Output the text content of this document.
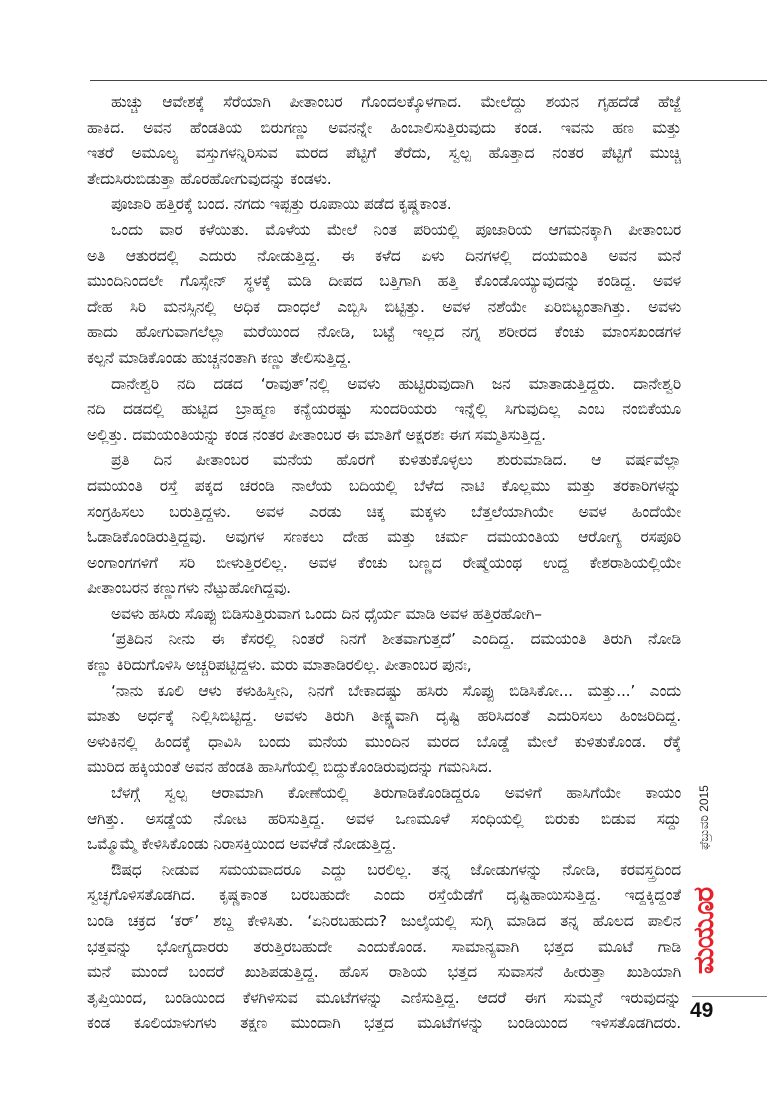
ಹುಚ್ಚು ಆವೇಶಕ್ಕೆ ಸೆರೆಯಾಗಿ ಪೀತಾಂಬರ ಗೊಂದಲಕ್ಕೊಳಗಾದ. ಮೇಲೆದ್ದು ಶಯನ ಗೃಹದೆಡೆ ಹೆಜ್ಜೆ
ಹಾಕಿದ. ಅವನ ಹೆಂಡತಿಯ ಬಿರುಗಣ್ಣು ಅವನನ್ನೇ ಹಿಂಬಾಲಿಸುತ್ತಿರುವುದು ಕಂಡ. ಇವನು ಹಣ ಮತ್ತು
ಇತರೆ ಅಮೂಲ್ಯ ವಸ್ತುಗಳನ್ನಿರಿಸುವ ಮರದ ಪೆಟ್ಟಿಗೆ ತೆರೆದು, ಸ್ವಲ್ಪ ಹೊತ್ತಾದ ನಂತರ ಪೆಟ್ಟಿಗೆ ಮುಚ್ಚಿ
ತೇದುಸಿರುಬಿಡುತ್ತಾ ಹೊರಹೋಗುವುದನ್ನು ಕಂಡಳು.
ಪೂಜಾರಿ ಹತ್ತಿರಕ್ಕೆ ಬಂದ. ನಗದು ಇಪ್ಪತ್ತು ರೂಪಾಯಿ ಪಡೆದ ಕೃಷ್ಣಕಾಂತ.
ಒಂದು ವಾರ ಕಳೆಯಿತು. ಮೊಳೆಯ ಮೇಲೆ ನಿಂತ ಪರಿಯಲ್ಲಿ ಪೂಜಾರಿಯ ಆಗಮನಕ್ಕಾಗಿ ಪೀತಾಂಬರ
ಅತಿ ಆತುರದಲ್ಲಿ ಎದುರು ನೋಡುತ್ತಿದ್ದ. ಈ ಕಳೆದ ಏಳು ದಿನಗಳಲ್ಲಿ ದಯಮಂತಿ ಅವನ ಮನೆ
ಮುಂದಿನಿಂದಲೇ ಗೊಸ್ಸೇನ್ ಸ್ಥಳಕ್ಕೆ ಮಡಿ ದೀಪದ ಬತ್ತಿಗಾಗಿ ಹತ್ತಿ ಕೊಂಡೊಯ್ಯುವುದನ್ನು ಕಂಡಿದ್ದ. ಅವಳ
ದೇಹ ಸಿರಿ ಮನಸ್ಸಿನಲ್ಲಿ ಅಧಿಕ ದಾಂಧಲೆ ಎಬ್ಬಿಸಿ ಬಿಟ್ಟಿತ್ತು. ಅವಳ ನಶೆಯೇ ಏರಿಬಿಟ್ಟಂತಾಗಿತ್ತು. ಅವಳು
ಹಾದು ಹೋಗುವಾಗಲೆಲ್ಲಾ ಮರೆಯಿಂದ ನೋಡಿ, ಬಟ್ಟೆ ಇಲ್ಲದ ನಗ್ನ ಶರೀರದ ಕೆಂಚು ಮಾಂಸಖಂಡಗಳ
ಕಲ್ಪನೆ ಮಾಡಿಕೊಂಡು ಹುಚ್ಚನಂತಾಗಿ ಕಣ್ಣು ತೇಲಿಸುತ್ತಿದ್ದ.
ದಾನೇಶ್ವರಿ ನದಿ ದಡದ ‘ರಾವುತ್’ನಲ್ಲಿ ಅವಳು ಹುಟ್ಟಿರುವುದಾಗಿ ಜನ ಮಾತಾಡುತ್ತಿದ್ದರು. ದಾನೇಶ್ವರಿ
ನದಿ ದಡದಲ್ಲಿ ಹುಟ್ಟಿದ ಬ್ರಾಹ್ಮಣ ಕನ್ಯೆಯರಷ್ಟು ಸುಂದರಿಯರು ಇನ್ನೆಲ್ಲಿ ಸಿಗುವುದಿಲ್ಲ ಎಂಬ ನಂಬಿಕೆಯೂ
ಅಲ್ಲಿತ್ತು. ದಮಯಂತಿಯನ್ನು ಕಂಡ ನಂತರ ಪೀತಾಂಬರ ಈ ಮಾತಿಗೆ ಅಕ್ಷರಶಃ ಈಗ ಸಮ್ಮತಿಸುತ್ತಿದ್ದ.
ಪ್ರತಿ ದಿನ ಪೀತಾಂಬರ ಮನೆಯ ಹೊರಗೆ ಕುಳಿತುಕೊಳ್ಳಲು ಶುರುಮಾಡಿದ. ಆ ವರ್ಷವೆಲ್ಲಾ
ದಮಯಂತಿ ರಸ್ತೆ ಪಕ್ಕದ ಚರಂಡಿ ನಾಲೆಯ ಬದಿಯಲ್ಲಿ ಬೆಳೆದ ನಾಟಿ ಕೊಲ್ಲಮು ಮತ್ತು ತರಕಾರಿಗಳನ್ನು
ಸಂಗ್ರಹಿಸಲು ಬರುತ್ತಿದ್ದಳು. ಅವಳ ಎರಡು ಚಿಕ್ಕ ಮಕ್ಕಳು ಬೆತ್ತಲೆಯಾಗಿಯೇ ಅವಳ ಹಿಂದೆಯೇ
ಓಡಾಡಿಕೊಂಡಿರುತ್ತಿದ್ದವು. ಅವುಗಳ ಸಣಕಲು ದೇಹ ಮತ್ತು ಚರ್ಮ ದಮಯಂತಿಯ ಆರೋಗ್ಯ ರಸಪೂರಿ
ಅಂಗಾಂಗಗಳಿಗೆ ಸರಿ ಬೀಳುತ್ತಿರಲಿಲ್ಲ. ಅವಳ ಕೆಂಚು ಬಣ್ಣದ ರೇಷ್ಮೆಯಂಥ ಉದ್ದ ಕೇಶರಾಶಿಯಲ್ಲಿಯೇ
ಪೀತಾಂಬರನ ಕಣ್ಣುಗಳು ನೆಟ್ಟುಹೋಗಿದ್ದವು.
ಅವಳು ಹಸಿರು ಸೊಪ್ಪು ಬಿಡಿಸುತ್ತಿರುವಾಗ ಒಂದು ದಿನ ಧೈರ್ಯ ಮಾಡಿ ಅವಳ ಹತ್ತಿರಹೋಗಿ–
‘ಪ್ರತಿದಿನ ನೀನು ಈ ಕೆಸರಲ್ಲಿ ನಿಂತರೆ ನಿನಗೆ ಶೀತವಾಗುತ್ತದೆ’ ಎಂದಿದ್ದ. ದಮಯಂತಿ ತಿರುಗಿ ನೋಡಿ
ಕಣ್ಣು ಕಿರಿದುಗೊಳಿಸಿ ಅಚ್ಚರಿಪಟ್ಟಿದ್ದಳು. ಮರು ಮಾತಾಡಿರಲಿಲ್ಲ. ಪೀತಾಂಬರ ಪುನಃ,
‘ನಾನು ಕೂಲಿ ಆಳು ಕಳುಹಿಸ್ತೀನಿ, ನಿನಗೆ ಬೇಕಾದಷ್ಟು ಹಸಿರು ಸೊಪ್ಪು ಬಿಡಿಸಿಕೋ... ಮತ್ತು...’ ಎಂದು
ಮಾತು ಅರ್ಧಕ್ಕೆ ನಿಲ್ಲಿಸಿಬಿಟ್ಟಿದ್ದ. ಅವಳು ತಿರುಗಿ ತೀಕ್ಷ್ಣವಾಗಿ ದೃಷ್ಟಿ ಹರಿಸಿದಂತೆ ಎದುರಿಸಲು ಹಿಂಜರಿದಿದ್ದ.
ಅಳುಕಿನಲ್ಲಿ ಹಿಂದಕ್ಕೆ ಧಾವಿಸಿ ಬಂದು ಮನೆಯ ಮುಂದಿನ ಮರದ ಬೊಡ್ಡೆ ಮೇಲೆ ಕುಳಿತುಕೊಂಡ. ರೆಕ್ಕೆ
ಮುರಿದ ಹಕ್ಕಿಯಂತೆ ಅವನ ಹೆಂಡತಿ ಹಾಸಿಗೆಯಲ್ಲಿ ಬಿದ್ದುಕೊಂಡಿರುವುದನ್ನು ಗಮನಿಸಿದ.
ಬೆಳಗ್ಗೆ ಸ್ವಲ್ಪ ಆರಾಮಾಗಿ ಕೋಣೆಯಲ್ಲಿ ತಿರುಗಾಡಿಕೊಂಡಿದ್ದರೂ ಅವಳಿಗೆ ಹಾಸಿಗೆಯೇ ಕಾಯಂ
ಆಗಿತ್ತು. ಅಸಡ್ಡೆಯ ನೋಟ ಹರಿಸುತ್ತಿದ್ದ. ಅವಳ ಒಣಮೂಳೆ ಸಂಧಿಯಲ್ಲಿ ಬಿರುಕು ಬಿಡುವ ಸದ್ದು
ಒಮ್ಮೊಮ್ಮೆ ಕೇಳಿಸಿಕೊಂಡು ನಿರಾಸಕ್ತಿಯಿಂದ ಅವಳೆಡೆ ನೋಡುತ್ತಿದ್ದ.
ಔಷಧ ನೀಡುವ ಸಮಯವಾದರೂ ಎದ್ದು ಬರಲಿಲ್ಲ. ತನ್ನ ಜೋಡುಗಳನ್ನು ನೋಡಿ, ಕರವಸ್ತ್ರದಿಂದ
ಸ್ವಚ್ಛಗೊಳಿಸತೊಡಗಿದ. ಕೃಷ್ಣಕಾಂತ ಬರಬಹುದೇ ಎಂದು ರಸ್ತೆಯೆಡೆಗೆ ದೃಷ್ಟಿಹಾಯಿಸುತ್ತಿದ್ದ. ಇದ್ದಕ್ಕಿದ್ದಂತೆ
ಬಂಡಿ ಚಕ್ರದ ‘ಕರ್’ ಶಬ್ದ ಕೇಳಿಸಿತು. ‘ಏನಿರಬಹುದು? ಜುಲೈಯಲ್ಲಿ ಸುಗ್ಗಿ ಮಾಡಿದ ತನ್ನ ಹೊಲದ ಪಾಲಿನ
ಭತ್ತವನ್ನು ಭೋಗ್ಯದಾರರು ತರುತ್ತಿರಬಹುದೇ ಎಂದುಕೊಂಡ. ಸಾಮಾನ್ಯವಾಗಿ ಭತ್ತದ ಮೂಟೆ ಗಾಡಿ
ಮನೆ ಮುಂದೆ ಬಂದರೆ ಖುಶಿಪಡುತ್ತಿದ್ದ. ಹೊಸ ರಾಶಿಯ ಭತ್ತದ ಸುವಾಸನೆ ಹೀರುತ್ತಾ ಖುಶಿಯಾಗಿ
ತೃಪ್ತಿಯಿಂದ, ಬಂಡಿಯಿಂದ ಕೆಳಗಿಳಿಸುವ ಮೂಟೆಗಳನ್ನು ಎಣಿಸುತ್ತಿದ್ದ. ಆದರೆ ಈಗ ಸುಮ್ಮನೆ ಇರುವುದನ್ನು
ಕಂಡ ಕೂಲಿಯಾಳುಗಳು ತಕ್ಷಣ ಮುಂದಾಗಿ ಭತ್ತದ ಮೂಟೆಗಳನ್ನು ಬಂಡಿಯಿಂದ ಇಳಿಸತೊಡಗಿದರು.
ಫೆಬ್ರುವರಿ 2015
ಮಯೂರ
49
